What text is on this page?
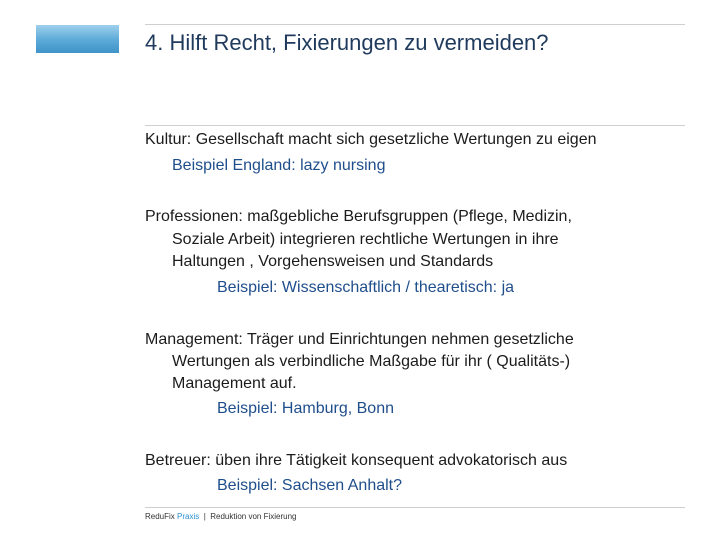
4. Hilft Recht, Fixierungen zu vermeiden?

Kultur: Gesellschaft macht sich gesetzliche Wertungen zu eigen

Beispiel England: lazy nursing

Professionen: maßgebliche Berufsgruppen (Pflege, Medizin,

Soziale Arbeit) integrieren rechtliche Wertungen in ihre

Haltungen , Vorgehensweisen und Standards

Beispiel: Wissenschaftlich / thearetisch: ja

Management: Träger und Einrichtungen nehmen gesetzliche

Wertungen als verbindliche Maßgabe für ihr ( Qualitäts-)

Management auf.

Beispiel: Hamburg, Bonn

Betreuer: üben ihre Tätigkeit konsequent advokatorisch aus

Beispiel: Sachsen Anhalt?

ReduFix Praxis  |  Reduktion von Fixierung
